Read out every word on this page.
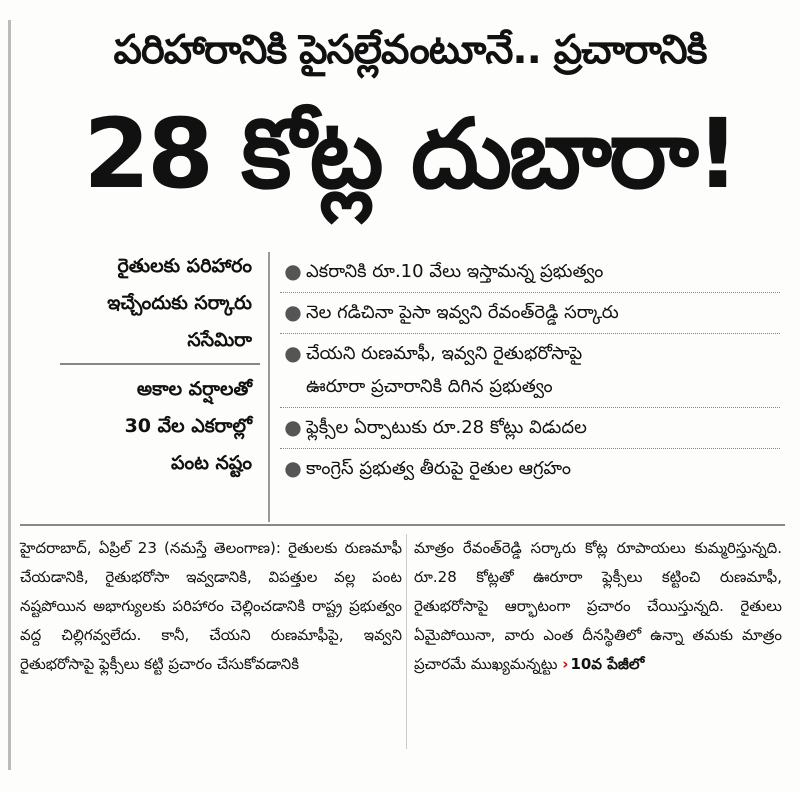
పరిహారానికి పైసల్లేవంటూనే.. ప్రచారానికి
28 కోట్ల దుబారా!
రైతులకు పరిహారం
ఇచ్చేందుకు సర్కారు
ససేమిరా
అకాల వర్షాలతో
30 వేల ఎకరాల్లో
పంట నష్టం
● ఎకరానికి రూ.10 వేలు ఇస్తామన్న ప్రభుత్వం
● నెల గడిచినా పైసా ఇవ్వని రేవంత్‌రెడ్డి సర్కారు
● చేయని రుణమాఫీ, ఇవ్వని రైతుభరోసాపై
ఊరూరా ప్రచారానికి దిగిన ప్రభుత్వం
● ఫ్లెక్సీల ఏర్పాటుకు రూ.28 కోట్లు విడుదల
● కాంగ్రెస్‌ ప్రభుత్వ తీరుపై రైతుల ఆగ్రహం
హైదరాబాద్‌, ఏప్రిల్‌ 23 (నమస్తే తెలంగాణ): రైతులకు రుణమాఫీ చేయడానికి, రైతుభరోసా ఇవ్వడానికి, విపత్తుల వల్ల పంట నష్టపోయిన అభాగ్యులకు పరిహారం చెల్లించడానికి రాష్ట్ర ప్రభుత్వం వద్ద చిల్లిగవ్వలేదు. కానీ, చేయని రుణమాఫీపై, ఇవ్వని రైతుభరోసాపై ఫ్లెక్సీలు కట్టి ప్రచారం చేసుకోవడానికి
మాత్రం రేవంత్‌రెడ్డి సర్కారు కోట్ల రూపాయలు కుమ్మరిస్తున్నది. రూ.28 కోట్లతో ఊరూరా ఫ్లెక్సీలు కట్టించి రుణమాఫీ, రైతుభరోసాపై ఆర్భాటంగా ప్రచారం చేయిస్తున్నది. రైతులు ఏమైపోయినా, వారు ఎంత దీనస్థితిలో ఉన్నా తమకు మాత్రం ప్రచారమే ముఖ్యమన్నట్టు › 10వ పేజీలో
